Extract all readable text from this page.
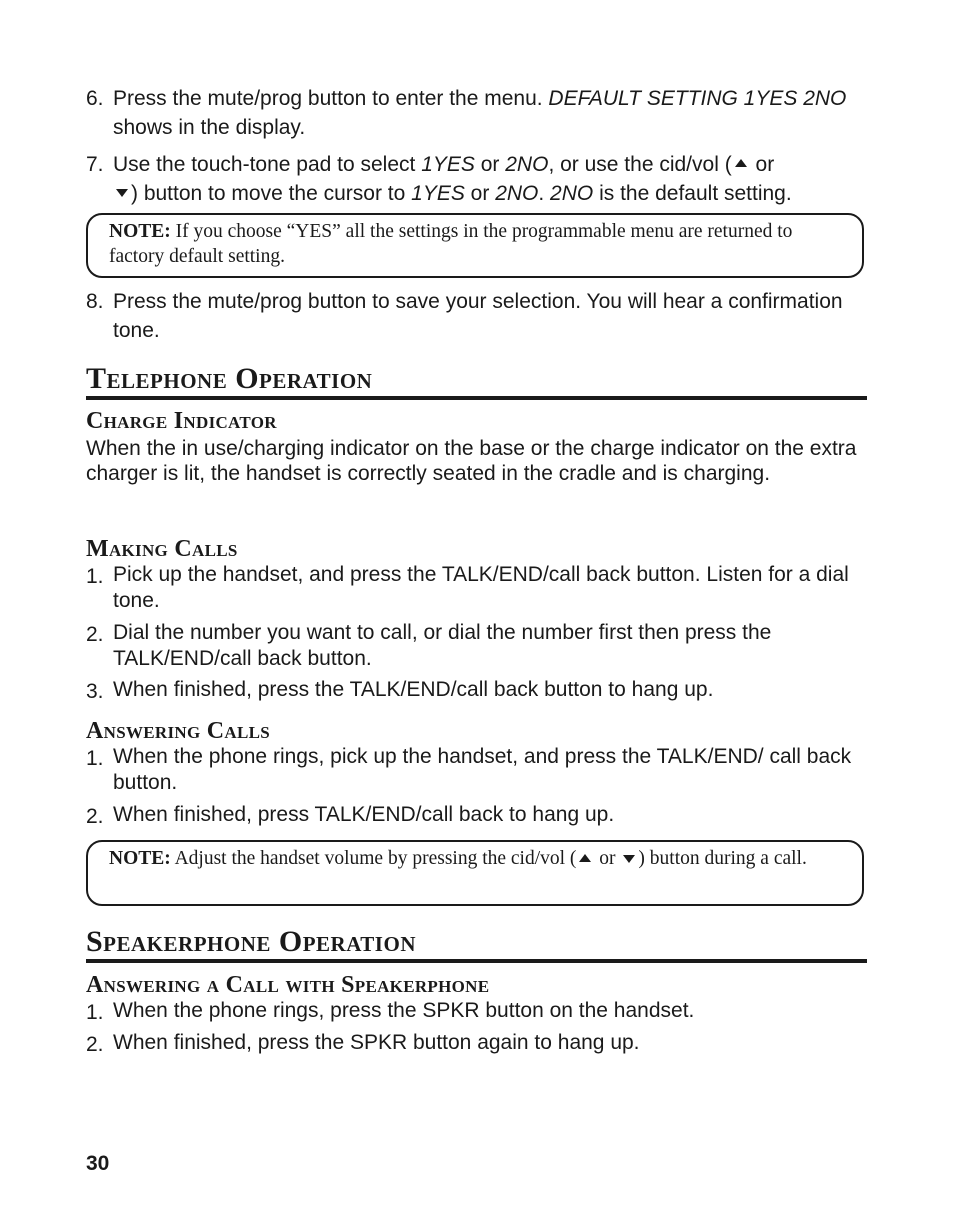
6. Press the mute/prog button to enter the menu. DEFAULT SETTING 1YES 2NO shows in the display.
7. Use the touch-tone pad to select 1YES or 2NO, or use the cid/vol ( or
) button to move the cursor to 1YES or 2NO. 2NO is the default setting.
NOTE: If you choose “YES” all the settings in the programmable menu are returned to factory default setting.
8. Press the mute/prog button to save your selection. You will hear a confirmation tone.
Telephone Operation
Charge Indicator
When the in use/charging indicator on the base or the charge indicator on the extra charger is lit, the handset is correctly seated in the cradle and is charging.
Making Calls
1. Pick up the handset, and press the TALK/END/call back button. Listen for a dial tone.
2. Dial the number you want to call, or dial the number first then press the TALK/END/call back button.
3. When finished, press the TALK/END/call back button to hang up.
Answering Calls
1. When the phone rings, pick up the handset, and press the TALK/END/ call back button.
2. When finished, press TALK/END/call back to hang up.
NOTE: Adjust the handset volume by pressing the cid/vol ( or ) button during a call.
Speakerphone Operation
Answering a Call with Speakerphone
1. When the phone rings, press the SPKR button on the handset.
2. When finished, press the SPKR button again to hang up.
30
